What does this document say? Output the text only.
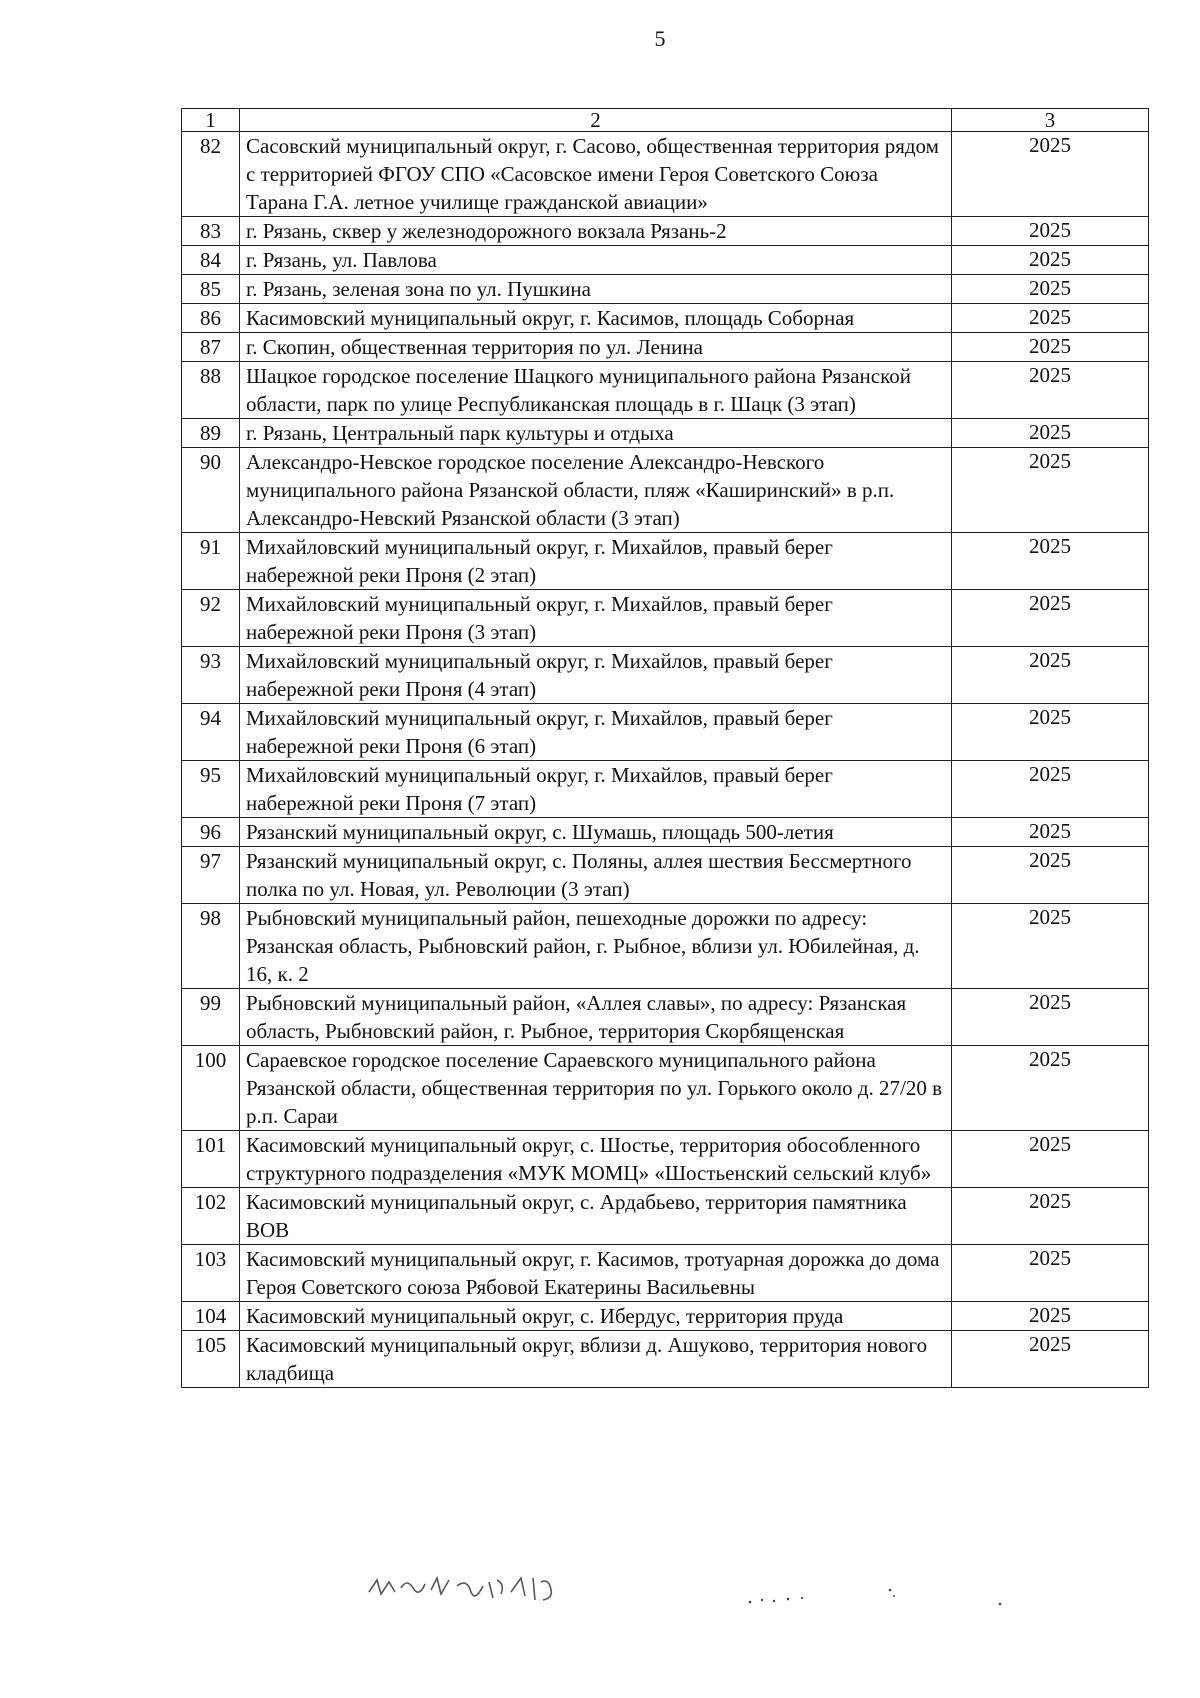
5
1	2	3
82	Сасовский муниципальный округ, г. Сасово, общественная территория рядом с территорией ФГОУ СПО «Сасовское имени Героя Советского Союза Тарана Г.А. летное училище гражданской авиации»	2025
83	г. Рязань, сквер у железнодорожного вокзала Рязань-2	2025
84	г. Рязань, ул. Павлова	2025
85	г. Рязань, зеленая зона по ул. Пушкина	2025
86	Касимовский муниципальный округ, г. Касимов, площадь Соборная	2025
87	г. Скопин, общественная территория по ул. Ленина	2025
88	Шацкое городское поселение Шацкого муниципального района Рязанской области, парк по улице Республиканская площадь в г. Шацк (3 этап)	2025
89	г. Рязань, Центральный парк культуры и отдыха	2025
90	Александро-Невское городское поселение Александро-Невского муниципального района Рязанской области, пляж «Каширинский» в р.п. Александро-Невский Рязанской области (3 этап)	2025
91	Михайловский муниципальный округ, г. Михайлов, правый берег набережной реки Проня (2 этап)	2025
92	Михайловский муниципальный округ, г. Михайлов, правый берег набережной реки Проня (3 этап)	2025
93	Михайловский муниципальный округ, г. Михайлов, правый берег набережной реки Проня (4 этап)	2025
94	Михайловский муниципальный округ, г. Михайлов, правый берег набережной реки Проня (6 этап)	2025
95	Михайловский муниципальный округ, г. Михайлов, правый берег набережной реки Проня (7 этап)	2025
96	Рязанский муниципальный округ, с. Шумашь, площадь 500-летия	2025
97	Рязанский муниципальный округ, с. Поляны, аллея шествия Бессмертного полка по ул. Новая, ул. Революции (3 этап)	2025
98	Рыбновский муниципальный район, пешеходные дорожки по адресу: Рязанская область, Рыбновский район, г. Рыбное, вблизи ул. Юбилейная, д. 16, к. 2	2025
99	Рыбновский муниципальный район, «Аллея славы», по адресу: Рязанская область, Рыбновский район, г. Рыбное, территория Скорбященская	2025
100	Сараевское городское поселение Сараевского муниципального района Рязанской области, общественная территория по ул. Горького около д. 27/20 в р.п. Сараи	2025
101	Касимовский муниципальный округ, с. Шостье, территория обособленного структурного подразделения «МУК МОМЦ» «Шостьенский сельский клуб»	2025
102	Касимовский муниципальный округ, с. Ардабьево, территория памятника ВОВ	2025
103	Касимовский муниципальный округ, г. Касимов, тротуарная дорожка до дома Героя Советского союза Рябовой Екатерины Васильевны	2025
104	Касимовский муниципальный округ, с. Ибердус, территория пруда	2025
105	Касимовский муниципальный округ, вблизи д. Ашуково, территория нового кладбища	2025
